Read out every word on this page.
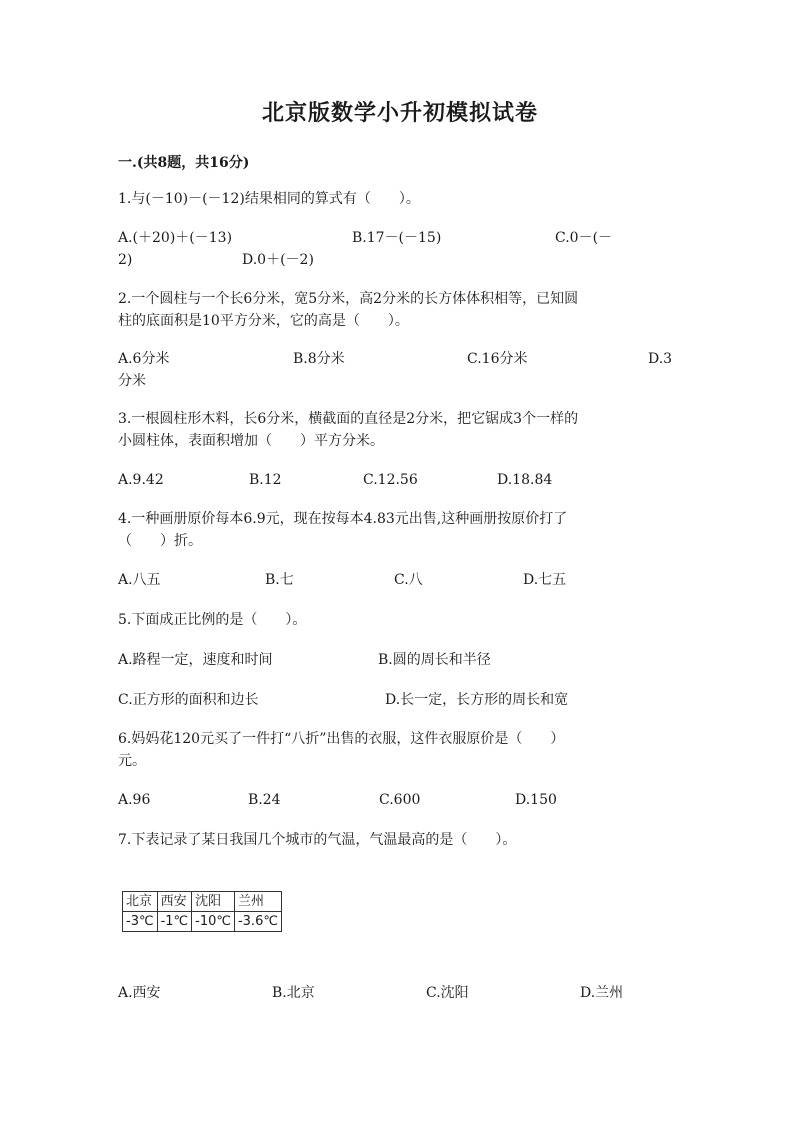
北京版数学小升初模拟试卷
一.(共8题，共16分)
1.与(－10)－(－12)结果相同的算式有（　　）。
A.(＋20)＋(－13)	B.17－(－15)	C.0－(－
2)	D.0＋(－2)
2.一个圆柱与一个长6分米，宽5分米，高2分米的长方体体积相等，已知圆
柱的底面积是10平方分米，它的高是（　　）。
A.6分米	B.8分米	C.16分米	D.3
分米
3.一根圆柱形木料，长6分米，横截面的直径是2分米，把它锯成3个一样的
小圆柱体，表面积增加（　　）平方分米。
A.9.42	B.12	C.12.56	D.18.84
4.一种画册原价每本6.9元，现在按每本4.83元出售,这种画册按原价打了
（　　）折。
A.八五	B.七	C.八	D.七五
5.下面成正比例的是（　　）。
A.路程一定，速度和时间	B.圆的周长和半径
C.正方形的面积和边长	D.长一定，长方形的周长和宽
6.妈妈花120元买了一件打“八折”出售的衣服，这件衣服原价是（　　）
元。
A.96	B.24	C.600	D.150
7.下表记录了某日我国几个城市的气温，气温最高的是（　　）。
北京	西安	沈阳	兰州
-3℃	-1℃	-10℃	-3.6℃
A.西安	B.北京	C.沈阳	D.兰州
